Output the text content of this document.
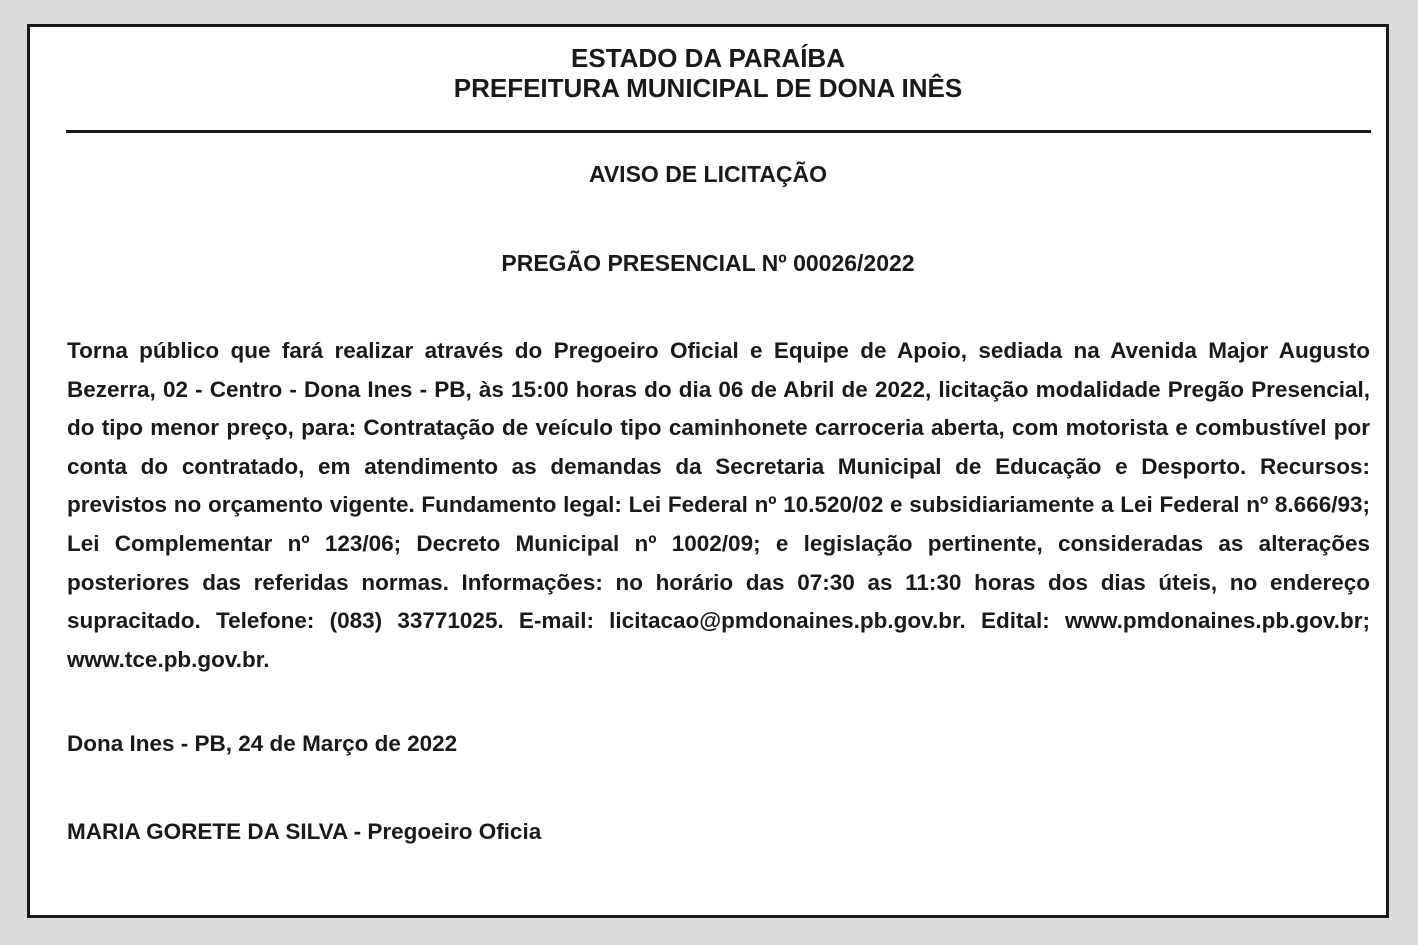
ESTADO DA PARAÍBA
PREFEITURA MUNICIPAL DE DONA INÊS
AVISO DE LICITAÇÃO
PREGÃO PRESENCIAL Nº 00026/2022

Torna público que fará realizar através do Pregoeiro Oficial e Equipe de Apoio, sediada na Avenida Major Augusto Bezerra, 02 - Centro - Dona Ines - PB, às 15:00 horas do dia 06 de Abril de 2022, licitação modalidade Pregão Presencial, do tipo menor preço, para: Contratação de veículo tipo caminhonete carroceria aberta, com motorista e combustível por conta do contratado, em atendimento as demandas da Secretaria Municipal de Educação e Desporto. Recursos: previstos no orçamento vigente. Fundamento legal: Lei Federal nº 10.520/02 e subsidiariamente a Lei Federal nº 8.666/93; Lei Complementar nº 123/06; Decreto Municipal nº 1002/09; e legislação pertinente, consideradas as alterações posteriores das referidas normas. Informações: no horário das 07:30 as 11:30 horas dos dias úteis, no endereço supracitado. Telefone: (083) 33771025. E-mail: licitacao@pmdonaines.pb.gov.br. Edital: www.pmdonaines.pb.gov.br; www.tce.pb.gov.br.

Dona Ines - PB, 24 de Março de 2022
MARIA GORETE DA SILVA - Pregoeiro Oficia
